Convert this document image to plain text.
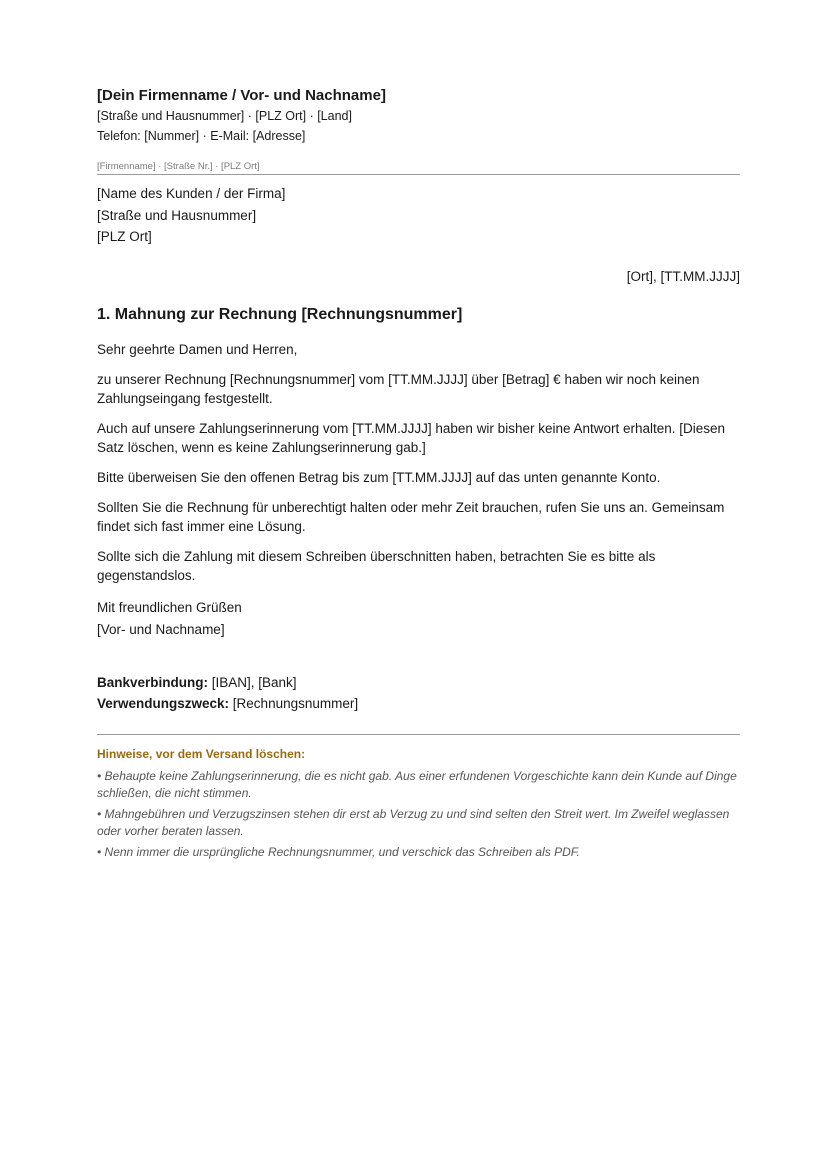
[Dein Firmenname / Vor- und Nachname]

[Straße und Hausnummer] · [PLZ Ort] · [Land]

Telefon: [Nummer] · E-Mail: [Adresse]

[Firmenname] · [Straße Nr.] · [PLZ Ort]

[Name des Kunden / der Firma]

[Straße und Hausnummer]

[PLZ Ort]

[Ort], [TT.MM.JJJJ]
1. Mahnung zur Rechnung [Rechnungsnummer]

Sehr geehrte Damen und Herren,

zu unserer Rechnung [Rechnungsnummer] vom [TT.MM.JJJJ] über [Betrag] € haben wir noch keinen Zahlungseingang festgestellt.

Auch auf unsere Zahlungserinnerung vom [TT.MM.JJJJ] haben wir bisher keine Antwort erhalten. [Diesen Satz löschen, wenn es keine Zahlungserinnerung gab.]

Bitte überweisen Sie den offenen Betrag bis zum [TT.MM.JJJJ] auf das unten genannte Konto.

Sollten Sie die Rechnung für unberechtigt halten oder mehr Zeit brauchen, rufen Sie uns an. Gemeinsam findet sich fast immer eine Lösung.

Sollte sich die Zahlung mit diesem Schreiben überschnitten haben, betrachten Sie es bitte als gegenstandslos.

Mit freundlichen Grüßen

[Vor- und Nachname]

Bankverbindung: [IBAN], [Bank]

Verwendungszweck: [Rechnungsnummer]

Hinweise, vor dem Versand löschen:

• Behaupte keine Zahlungserinnerung, die es nicht gab. Aus einer erfundenen Vorgeschichte kann dein Kunde auf Dinge schließen, die nicht stimmen.

• Mahngebühren und Verzugszinsen stehen dir erst ab Verzug zu und sind selten den Streit wert. Im Zweifel weglassen oder vorher beraten lassen.

• Nenn immer die ursprüngliche Rechnungsnummer, und verschick das Schreiben als PDF.
